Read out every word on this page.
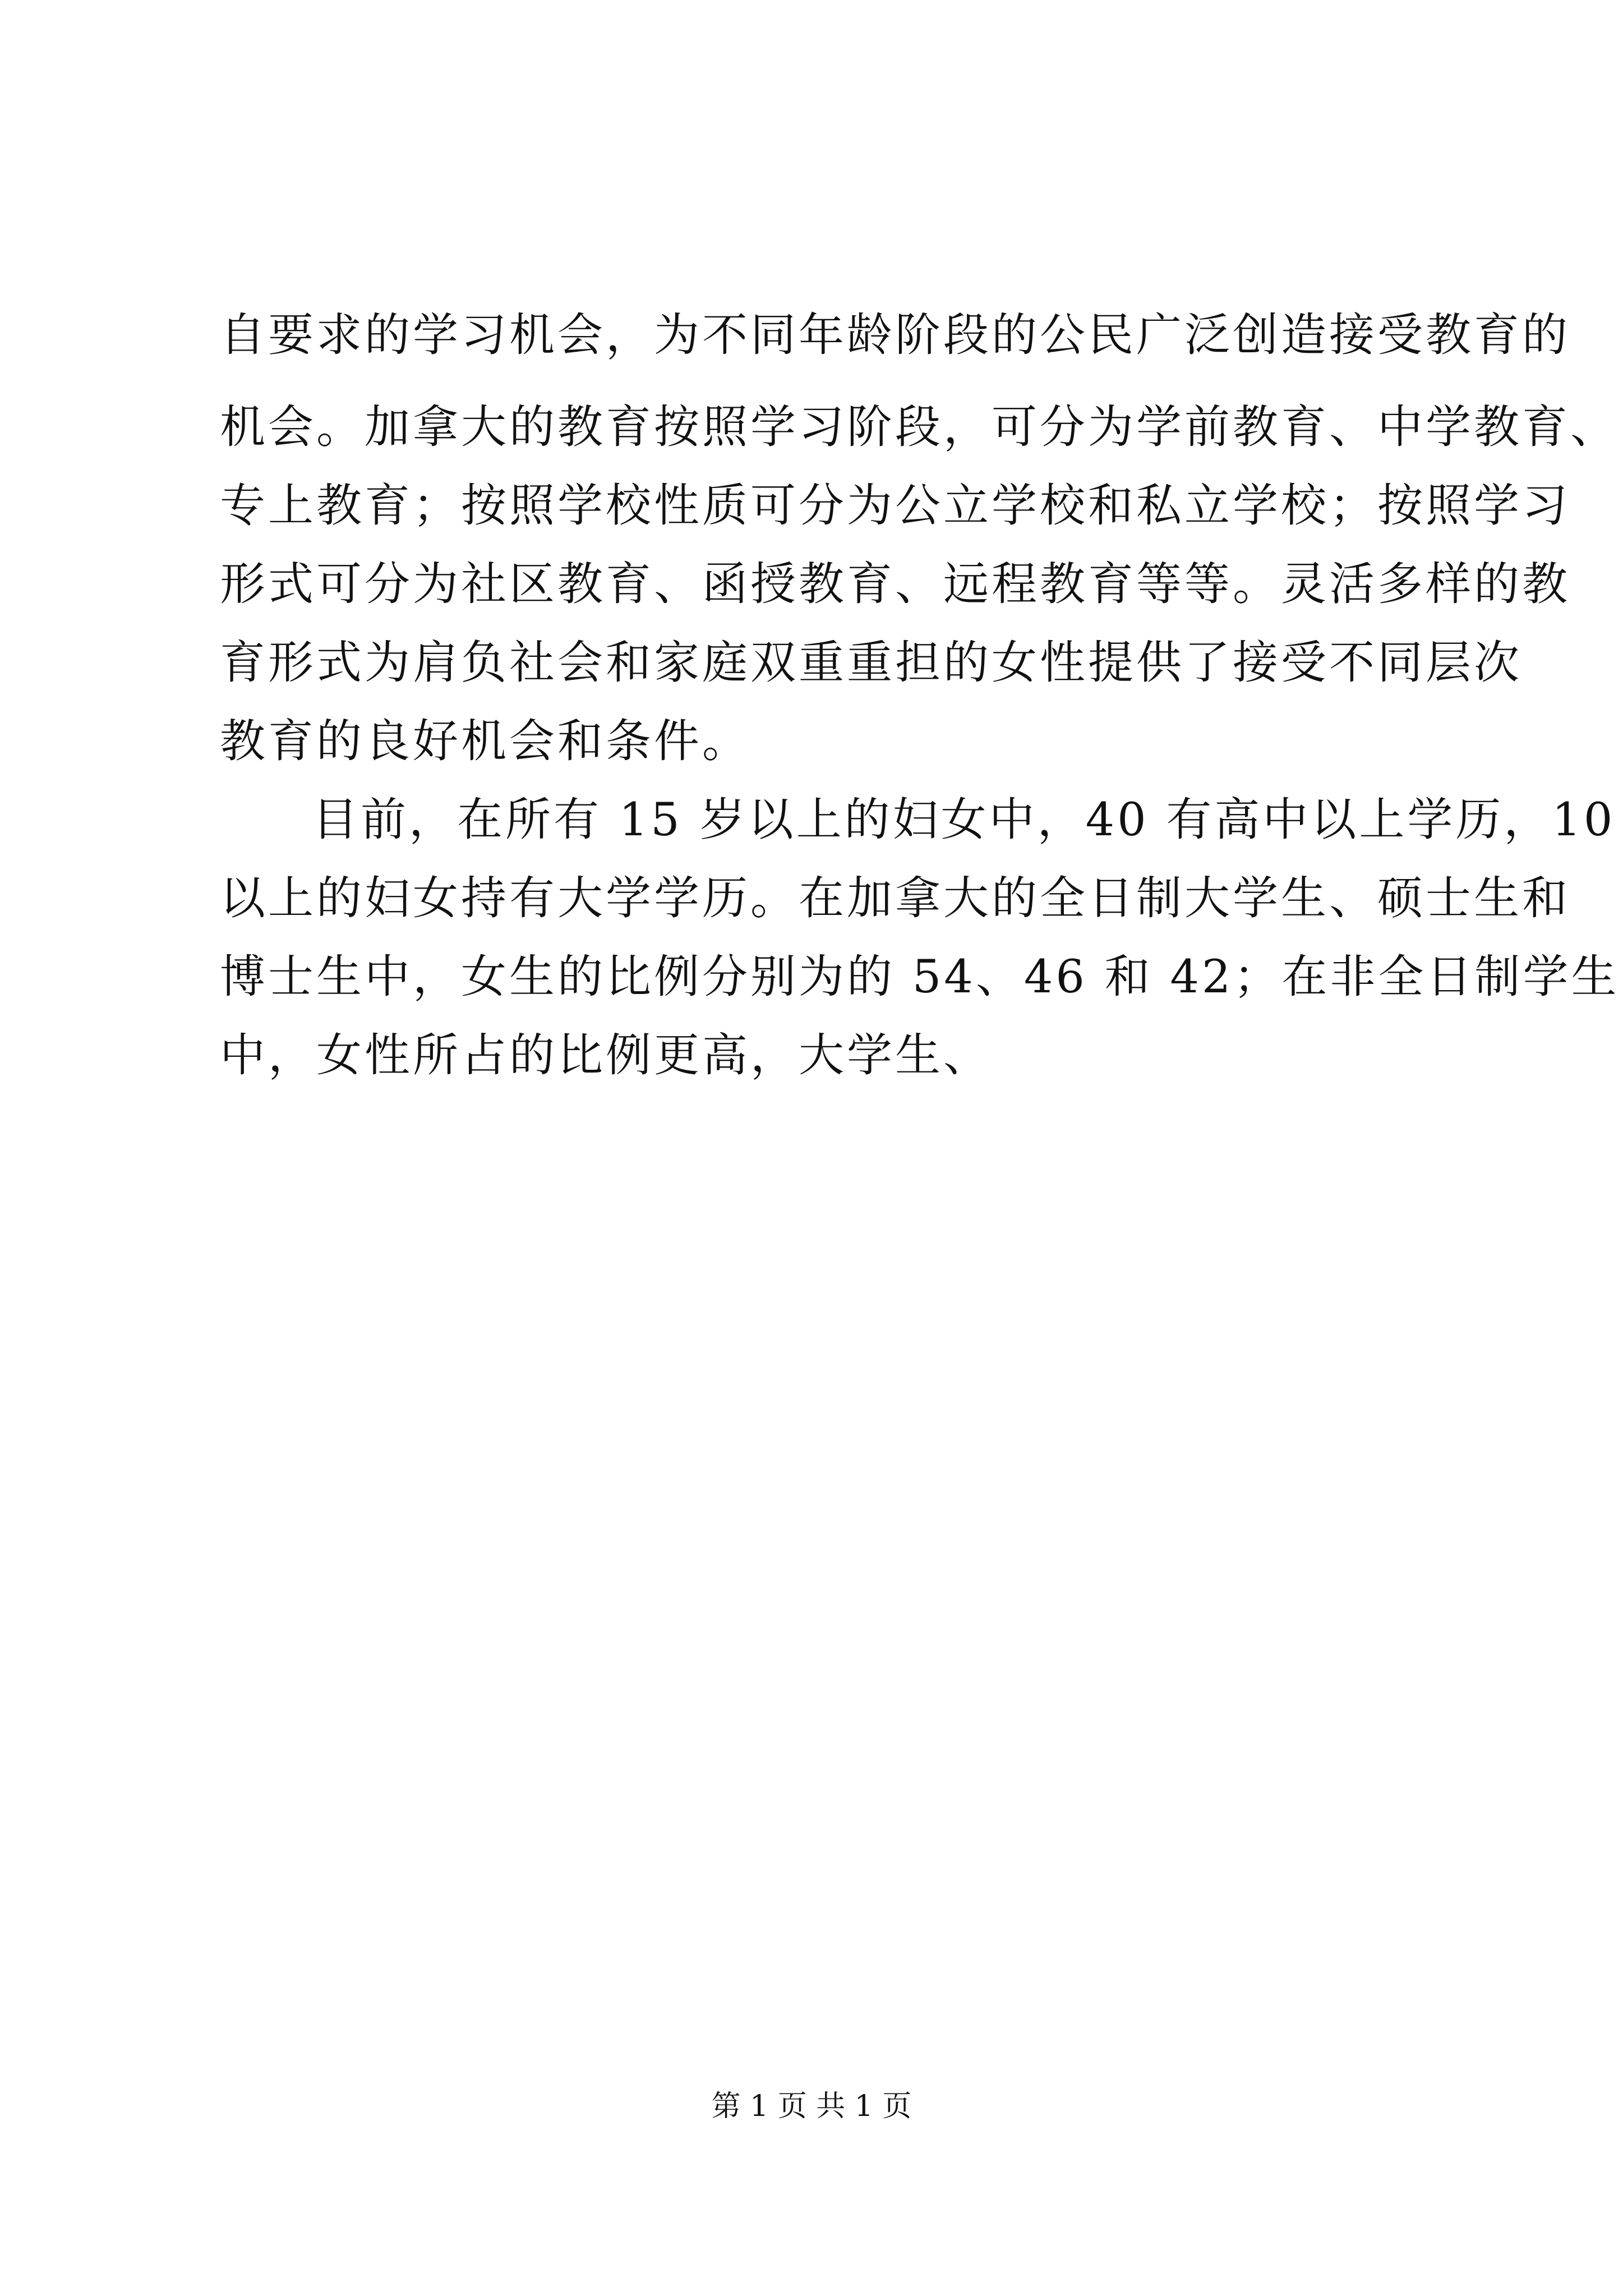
自要求的学习机会，为不同年龄阶段的公民广泛创造接受教育的
机会。加拿大的教育按照学习阶段，可分为学前教育、中学教育、
专上教育；按照学校性质可分为公立学校和私立学校；按照学习
形式可分为社区教育、函授教育、远程教育等等。灵活多样的教
育形式为肩负社会和家庭双重重担的女性提供了接受不同层次
教育的良好机会和条件。
目前，在所有 15 岁以上的妇女中，40 有高中以上学历，10
以上的妇女持有大学学历。在加拿大的全日制大学生、硕士生和
博士生中，女生的比例分别为的 54、46 和 42；在非全日制学生
中，女性所占的比例更高，大学生、
第 1 页 共 1 页
